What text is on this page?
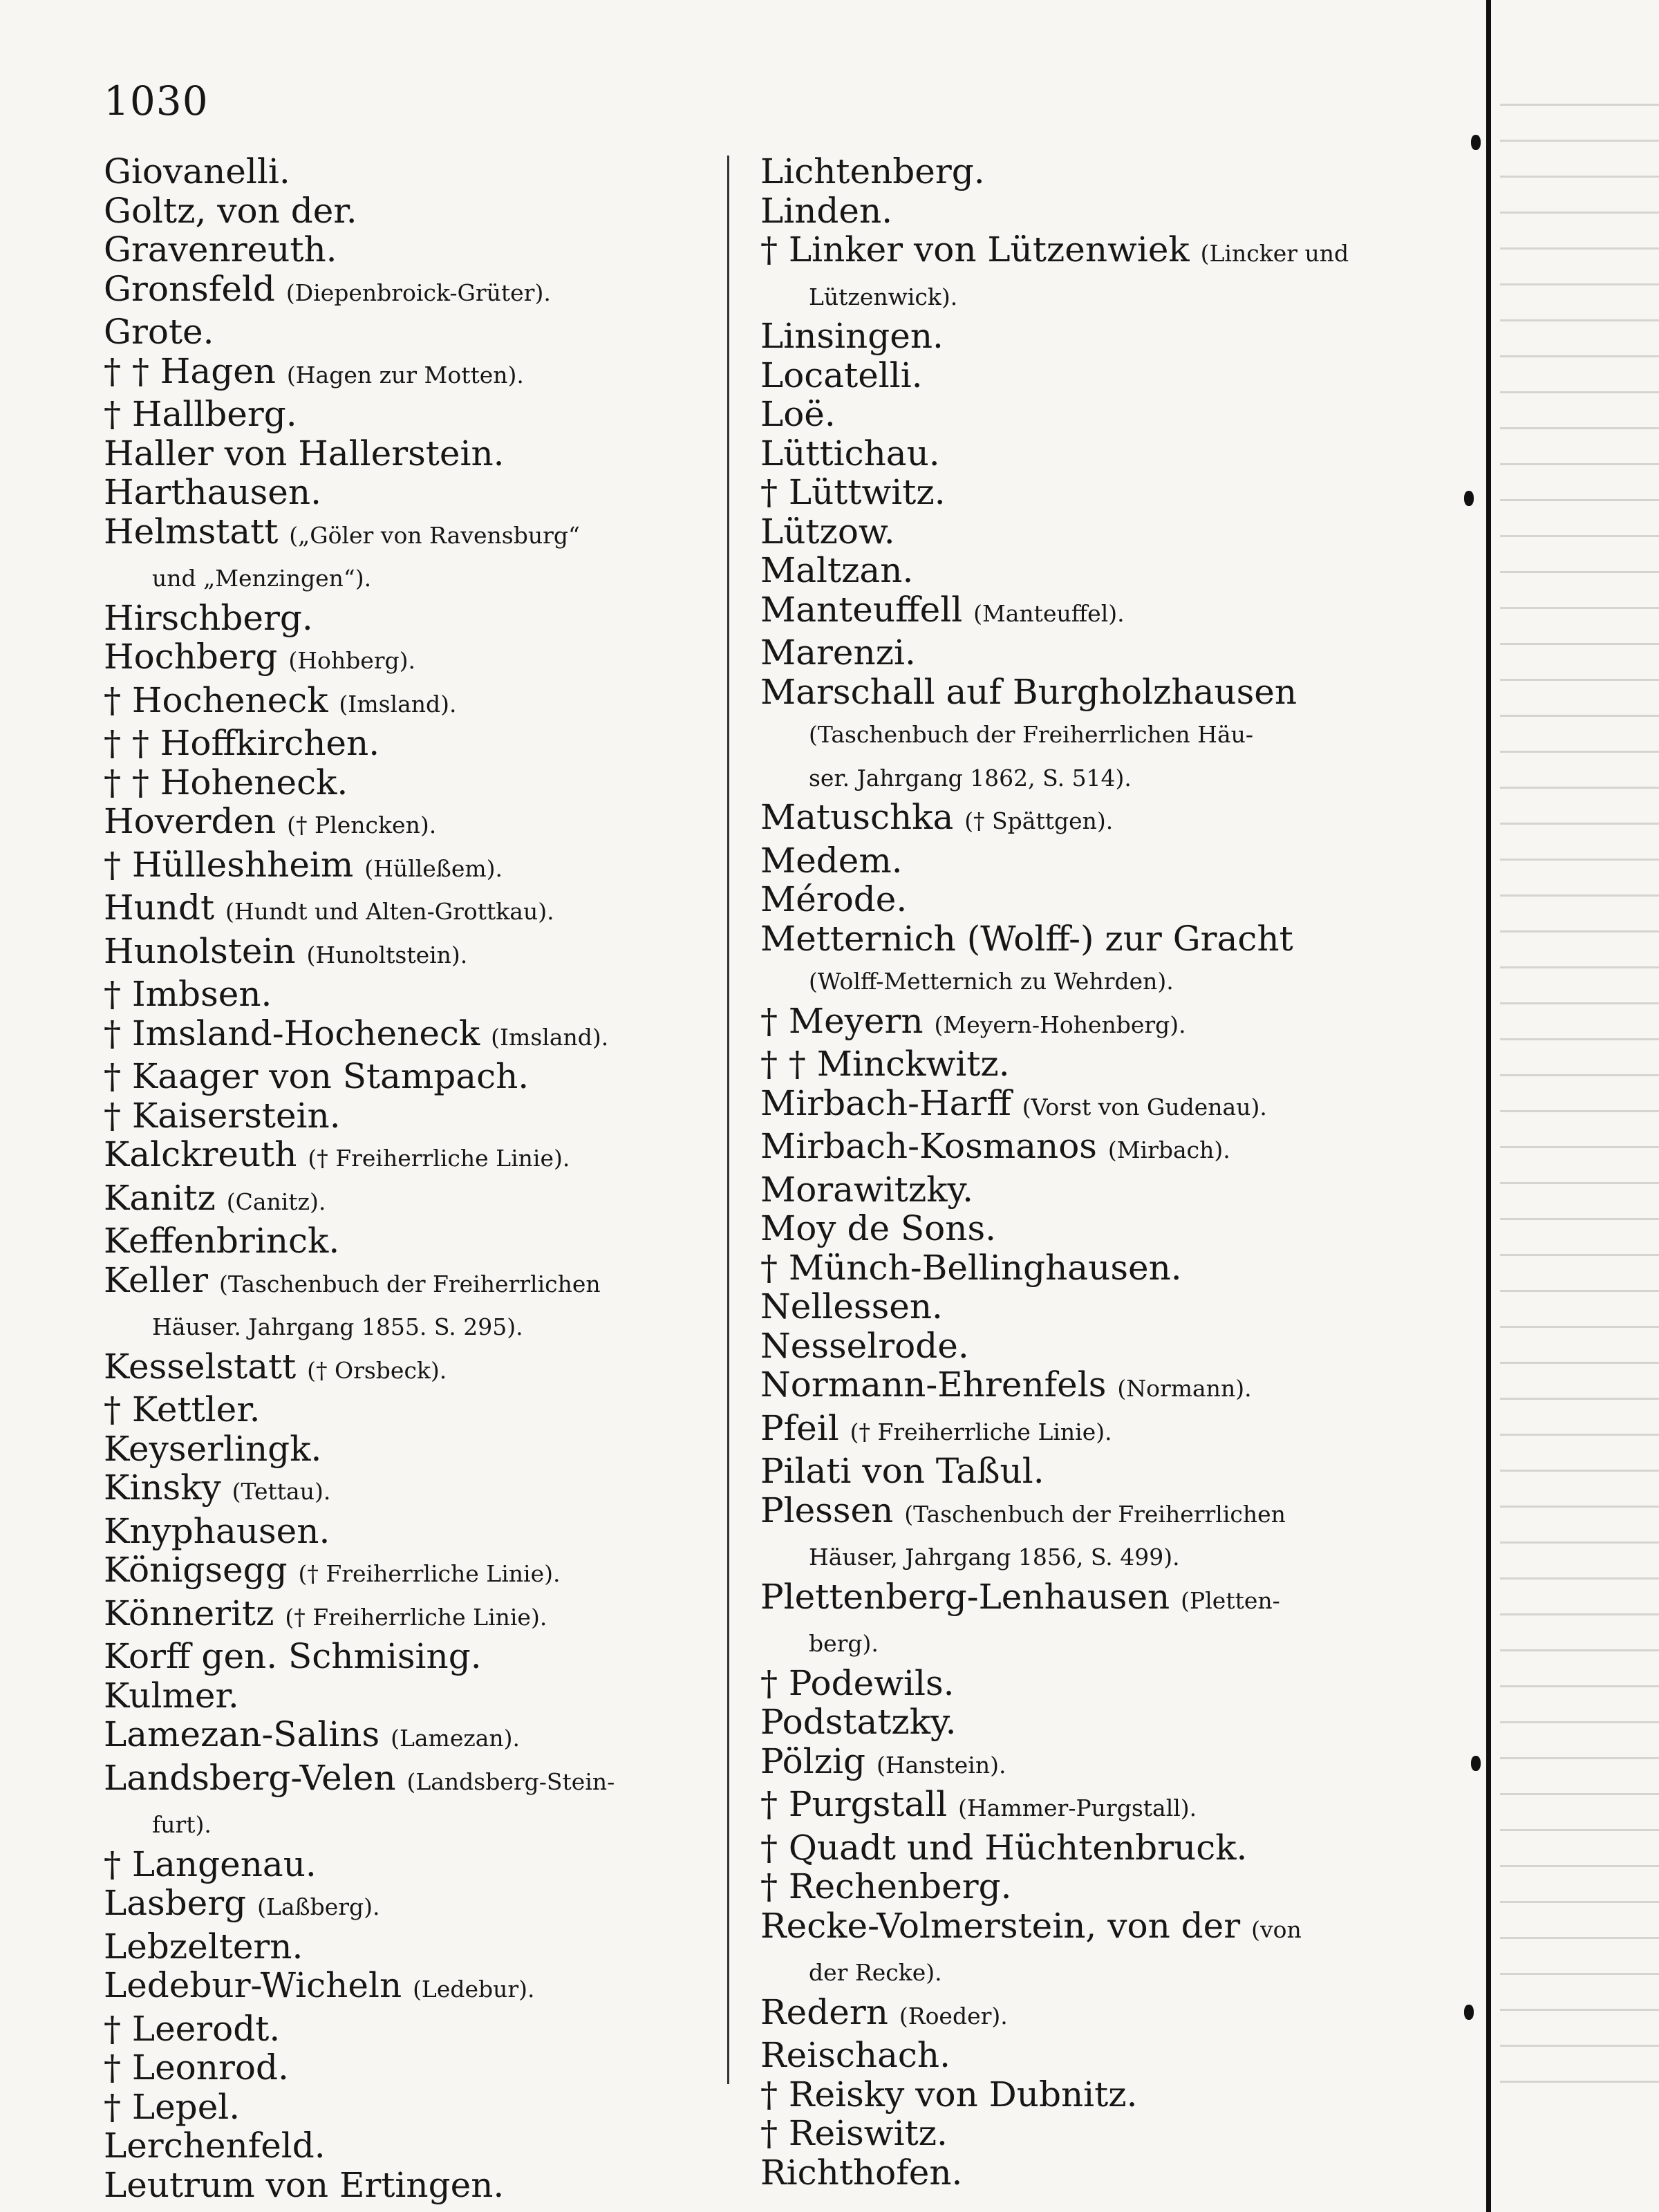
1030
Giovanelli.
Goltz, von der.
Gravenreuth.
Gronsfeld (Diepenbroick-Grüter).
Grote.
† † Hagen (Hagen zur Motten).
† Hallberg.
Haller von Hallerstein.
Harthausen.
Helmstatt („Göler von Ravensburg“
und „Menzingen“).
Hirschberg.
Hochberg (Hohberg).
† Hocheneck (Imsland).
† † Hoffkirchen.
† † Hoheneck.
Hoverden († Plencken).
† Hülleshheim (Hülleßem).
Hundt (Hundt und Alten-Grottkau).
Hunolstein (Hunoltstein).
† Imbsen.
† Imsland-Hocheneck (Imsland).
† Kaager von Stampach.
† Kaiserstein.
Kalckreuth († Freiherrliche Linie).
Kanitz (Canitz).
Keffenbrinck.
Keller (Taschenbuch der Freiherrlichen
Häuser. Jahrgang 1855. S. 295).
Kesselstatt († Orsbeck).
† Kettler.
Keyserlingk.
Kinsky (Tettau).
Knyphausen.
Königsegg († Freiherrliche Linie).
Könneritz († Freiherrliche Linie).
Korff gen. Schmising.
Kulmer.
Lamezan-Salins (Lamezan).
Landsberg-Velen (Landsberg-Stein-
furt).
† Langenau.
Lasberg (Laßberg).
Lebzeltern.
Ledebur-Wicheln (Ledebur).
† Leerodt.
† Leonrod.
† Lepel.
Lerchenfeld.
Leutrum von Ertingen.
Lichtenberg.
Linden.
† Linker von Lützenwiek (Lincker und
Lützenwick).
Linsingen.
Locatelli.
Loë.
Lüttichau.
† Lüttwitz.
Lützow.
Maltzan.
Manteuffell (Manteuffel).
Marenzi.
Marschall auf Burgholzhausen
(Taschenbuch der Freiherrlichen Häu-
ser. Jahrgang 1862, S. 514).
Matuschka († Spättgen).
Medem.
Mérode.
Metternich (Wolff-) zur Gracht
(Wolff-Metternich zu Wehrden).
† Meyern (Meyern-Hohenberg).
† † Minckwitz.
Mirbach-Harff (Vorst von Gudenau).
Mirbach-Kosmanos (Mirbach).
Morawitzky.
Moy de Sons.
† Münch-Bellinghausen.
Nellessen.
Nesselrode.
Normann-Ehrenfels (Normann).
Pfeil († Freiherrliche Linie).
Pilati von Taßul.
Plessen (Taschenbuch der Freiherrlichen
Häuser, Jahrgang 1856, S. 499).
Plettenberg-Lenhausen (Pletten-
berg).
† Podewils.
Podstatzky.
Pölzig (Hanstein).
† Purgstall (Hammer-Purgstall).
† Quadt und Hüchtenbruck.
† Rechenberg.
Recke-Volmerstein, von der (von
der Recke).
Redern (Roeder).
Reischach.
† Reisky von Dubnitz.
† Reiswitz.
Richthofen.
